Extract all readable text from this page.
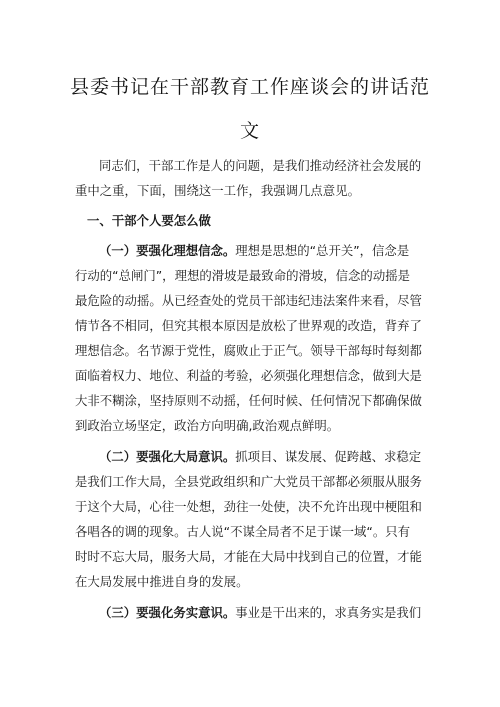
县委书记在干部教育工作座谈会的讲话范
文
同志们，干部工作是人的问题，是我们推动经济社会发展的
重中之重，下面，围绕这一工作，我强调几点意见。
一、干部个人要怎么做
（一）要强化理想信念。理想是思想的“总开关”，信念是
行动的“总闸门”，理想的滑坡是最致命的滑坡，信念的动摇是
最危险的动摇。从已经查处的党员干部违纪违法案件来看，尽管
情节各不相同，但究其根本原因是放松了世界观的改造，背弃了
理想信念。名节源于党性，腐败止于正气。领导干部每时每刻都
面临着权力、地位、利益的考验，必须强化理想信念，做到大是
大非不糊涂，坚持原则不动摇，任何时候、任何情况下都确保做
到政治立场坚定，政治方向明确,政治观点鲜明。
（二）要强化大局意识。抓项目、谋发展、促跨越、求稳定
是我们工作大局，全县党政组织和广大党员干部都必须服从服务
于这个大局，心往一处想，劲往一处使，决不允许出现中梗阻和
各唱各的调的现象。古人说“不谋全局者不足于谋一域“。只有
时时不忘大局，服务大局，才能在大局中找到自己的位置，才能
在大局发展中推进自身的发展。
（三）要强化务实意识。事业是干出来的，求真务实是我们
